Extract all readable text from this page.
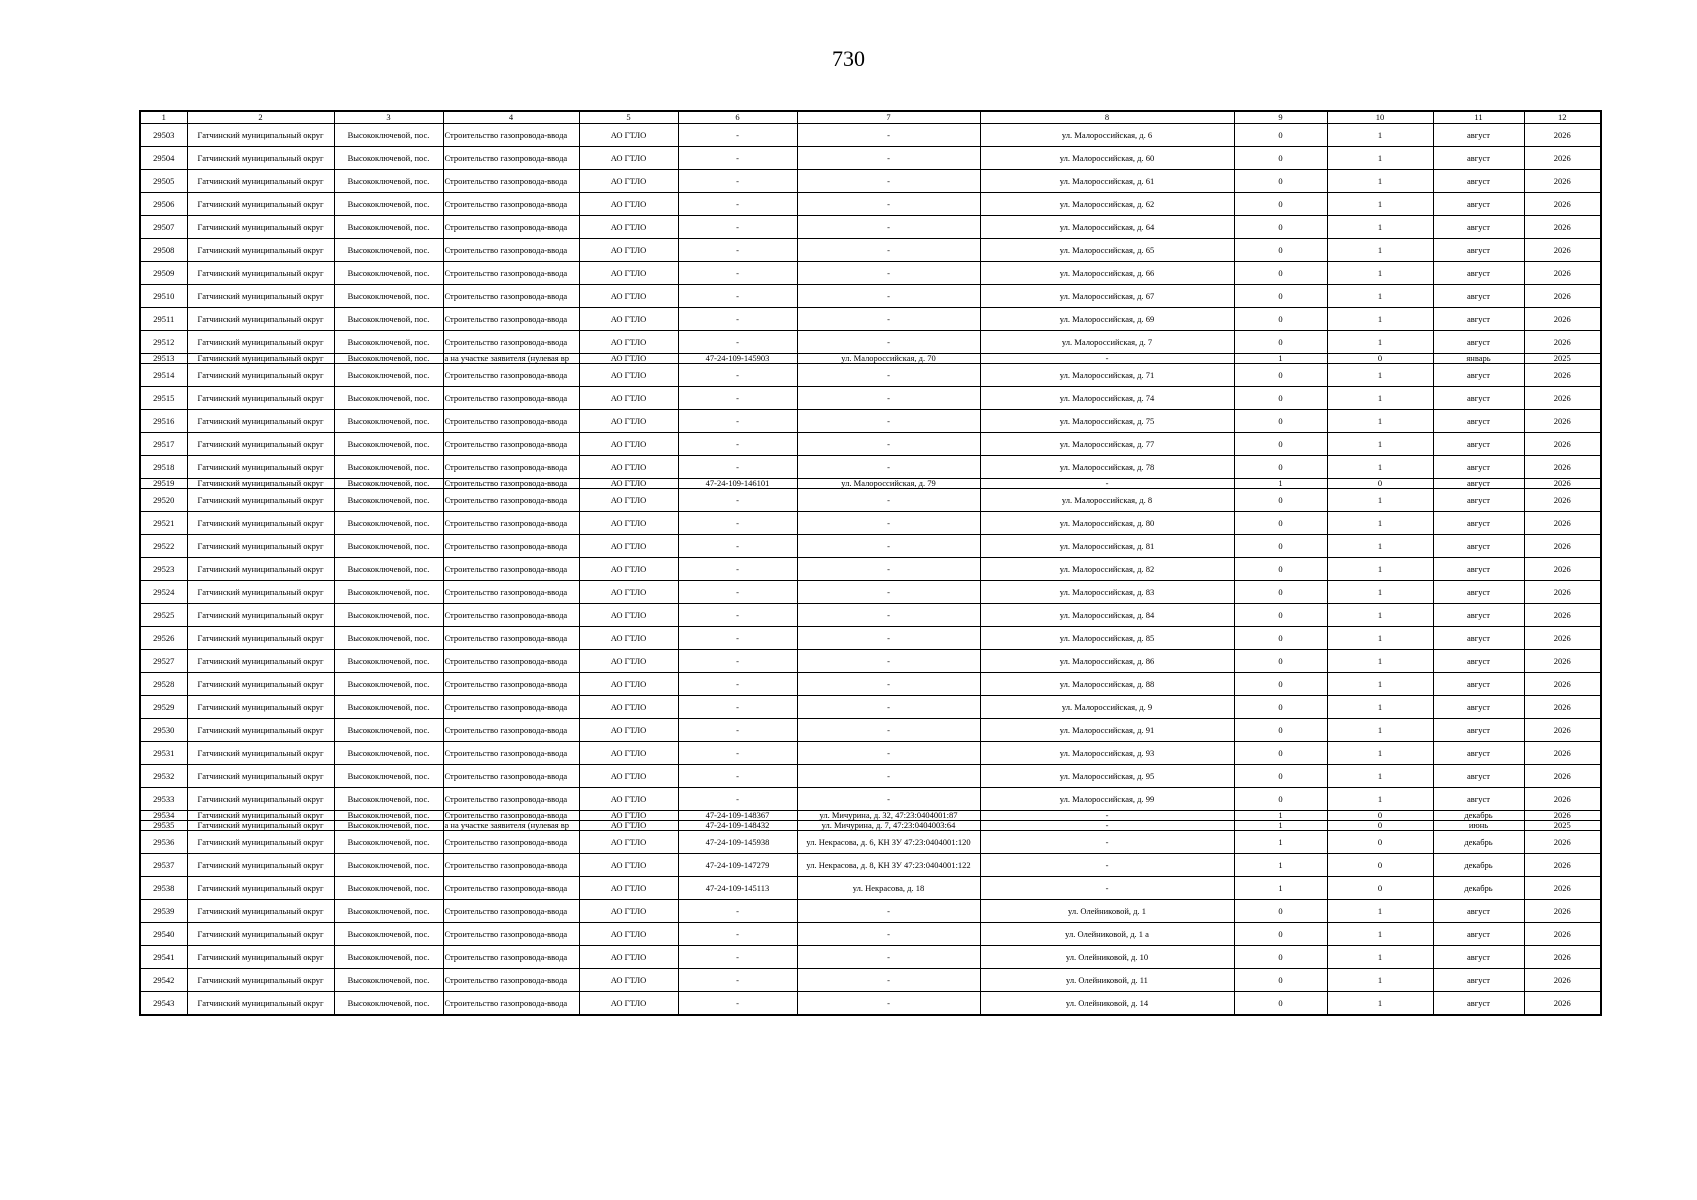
730
1	2	3	4	5	6	7	8	9	10	11	12
29503	Гатчинский муниципальный округ	Высокоключевой, пос.	Строительство газопровода-ввода	АО ГТЛО	-	-	ул. Малороссийская, д. 6	0	1	август	2026
29504	Гатчинский муниципальный округ	Высокоключевой, пос.	Строительство газопровода-ввода	АО ГТЛО	-	-	ул. Малороссийская, д. 60	0	1	август	2026
29505	Гатчинский муниципальный округ	Высокоключевой, пос.	Строительство газопровода-ввода	АО ГТЛО	-	-	ул. Малороссийская, д. 61	0	1	август	2026
29506	Гатчинский муниципальный округ	Высокоключевой, пос.	Строительство газопровода-ввода	АО ГТЛО	-	-	ул. Малороссийская, д. 62	0	1	август	2026
29507	Гатчинский муниципальный округ	Высокоключевой, пос.	Строительство газопровода-ввода	АО ГТЛО	-	-	ул. Малороссийская, д. 64	0	1	август	2026
29508	Гатчинский муниципальный округ	Высокоключевой, пос.	Строительство газопровода-ввода	АО ГТЛО	-	-	ул. Малороссийская, д. 65	0	1	август	2026
29509	Гатчинский муниципальный округ	Высокоключевой, пос.	Строительство газопровода-ввода	АО ГТЛО	-	-	ул. Малороссийская, д. 66	0	1	август	2026
29510	Гатчинский муниципальный округ	Высокоключевой, пос.	Строительство газопровода-ввода	АО ГТЛО	-	-	ул. Малороссийская, д. 67	0	1	август	2026
29511	Гатчинский муниципальный округ	Высокоключевой, пос.	Строительство газопровода-ввода	АО ГТЛО	-	-	ул. Малороссийская, д. 69	0	1	август	2026
29512	Гатчинский муниципальный округ	Высокоключевой, пос.	Строительство газопровода-ввода	АО ГТЛО	-	-	ул. Малороссийская, д. 7	0	1	август	2026
29513	Гатчинский муниципальный округ	Высокоключевой, пос.	а на участке заявителя (нулевая вр	АО ГТЛО	47-24-109-145903	ул. Малороссийская, д. 70	-	1	0	январь	2025
29514	Гатчинский муниципальный округ	Высокоключевой, пос.	Строительство газопровода-ввода	АО ГТЛО	-	-	ул. Малороссийская, д. 71	0	1	август	2026
29515	Гатчинский муниципальный округ	Высокоключевой, пос.	Строительство газопровода-ввода	АО ГТЛО	-	-	ул. Малороссийская, д. 74	0	1	август	2026
29516	Гатчинский муниципальный округ	Высокоключевой, пос.	Строительство газопровода-ввода	АО ГТЛО	-	-	ул. Малороссийская, д. 75	0	1	август	2026
29517	Гатчинский муниципальный округ	Высокоключевой, пос.	Строительство газопровода-ввода	АО ГТЛО	-	-	ул. Малороссийская, д. 77	0	1	август	2026
29518	Гатчинский муниципальный округ	Высокоключевой, пос.	Строительство газопровода-ввода	АО ГТЛО	-	-	ул. Малороссийская, д. 78	0	1	август	2026
29519	Гатчинский муниципальный округ	Высокоключевой, пос.	Строительство газопровода-ввода	АО ГТЛО	47-24-109-146101	ул. Малороссийская, д. 79	-	1	0	август	2026
29520	Гатчинский муниципальный округ	Высокоключевой, пос.	Строительство газопровода-ввода	АО ГТЛО	-	-	ул. Малороссийская, д. 8	0	1	август	2026
29521	Гатчинский муниципальный округ	Высокоключевой, пос.	Строительство газопровода-ввода	АО ГТЛО	-	-	ул. Малороссийская, д. 80	0	1	август	2026
29522	Гатчинский муниципальный округ	Высокоключевой, пос.	Строительство газопровода-ввода	АО ГТЛО	-	-	ул. Малороссийская, д. 81	0	1	август	2026
29523	Гатчинский муниципальный округ	Высокоключевой, пос.	Строительство газопровода-ввода	АО ГТЛО	-	-	ул. Малороссийская, д. 82	0	1	август	2026
29524	Гатчинский муниципальный округ	Высокоключевой, пос.	Строительство газопровода-ввода	АО ГТЛО	-	-	ул. Малороссийская, д. 83	0	1	август	2026
29525	Гатчинский муниципальный округ	Высокоключевой, пос.	Строительство газопровода-ввода	АО ГТЛО	-	-	ул. Малороссийская, д. 84	0	1	август	2026
29526	Гатчинский муниципальный округ	Высокоключевой, пос.	Строительство газопровода-ввода	АО ГТЛО	-	-	ул. Малороссийская, д. 85	0	1	август	2026
29527	Гатчинский муниципальный округ	Высокоключевой, пос.	Строительство газопровода-ввода	АО ГТЛО	-	-	ул. Малороссийская, д. 86	0	1	август	2026
29528	Гатчинский муниципальный округ	Высокоключевой, пос.	Строительство газопровода-ввода	АО ГТЛО	-	-	ул. Малороссийская, д. 88	0	1	август	2026
29529	Гатчинский муниципальный округ	Высокоключевой, пос.	Строительство газопровода-ввода	АО ГТЛО	-	-	ул. Малороссийская, д. 9	0	1	август	2026
29530	Гатчинский муниципальный округ	Высокоключевой, пос.	Строительство газопровода-ввода	АО ГТЛО	-	-	ул. Малороссийская, д. 91	0	1	август	2026
29531	Гатчинский муниципальный округ	Высокоключевой, пос.	Строительство газопровода-ввода	АО ГТЛО	-	-	ул. Малороссийская, д. 93	0	1	август	2026
29532	Гатчинский муниципальный округ	Высокоключевой, пос.	Строительство газопровода-ввода	АО ГТЛО	-	-	ул. Малороссийская, д. 95	0	1	август	2026
29533	Гатчинский муниципальный округ	Высокоключевой, пос.	Строительство газопровода-ввода	АО ГТЛО	-	-	ул. Малороссийская, д. 99	0	1	август	2026
29534	Гатчинский муниципальный округ	Высокоключевой, пос.	Строительство газопровода-ввода	АО ГТЛО	47-24-109-148367	ул. Мичурина, д. 32, 47:23:0404001:87	-	1	0	декабрь	2026
29535	Гатчинский муниципальный округ	Высокоключевой, пос.	а на участке заявителя (нулевая вр	АО ГТЛО	47-24-109-148432	ул. Мичурина, д. 7, 47:23:0404003:64	-	1	0	июнь	2025
29536	Гатчинский муниципальный округ	Высокоключевой, пос.	Строительство газопровода-ввода	АО ГТЛО	47-24-109-145938	ул. Некрасова, д. 6, КН ЗУ 47:23:0404001:120	-	1	0	декабрь	2026
29537	Гатчинский муниципальный округ	Высокоключевой, пос.	Строительство газопровода-ввода	АО ГТЛО	47-24-109-147279	ул. Некрасова, д. 8, КН ЗУ 47:23:0404001:122	-	1	0	декабрь	2026
29538	Гатчинский муниципальный округ	Высокоключевой, пос.	Строительство газопровода-ввода	АО ГТЛО	47-24-109-145113	ул. Некрасова, д. 18	-	1	0	декабрь	2026
29539	Гатчинский муниципальный округ	Высокоключевой, пос.	Строительство газопровода-ввода	АО ГТЛО	-	-	ул. Олейниковой, д. 1	0	1	август	2026
29540	Гатчинский муниципальный округ	Высокоключевой, пос.	Строительство газопровода-ввода	АО ГТЛО	-	-	ул. Олейниковой, д. 1 а	0	1	август	2026
29541	Гатчинский муниципальный округ	Высокоключевой, пос.	Строительство газопровода-ввода	АО ГТЛО	-	-	ул. Олейниковой, д. 10	0	1	август	2026
29542	Гатчинский муниципальный округ	Высокоключевой, пос.	Строительство газопровода-ввода	АО ГТЛО	-	-	ул. Олейниковой, д. 11	0	1	август	2026
29543	Гатчинский муниципальный округ	Высокоключевой, пос.	Строительство газопровода-ввода	АО ГТЛО	-	-	ул. Олейниковой, д. 14	0	1	август	2026
